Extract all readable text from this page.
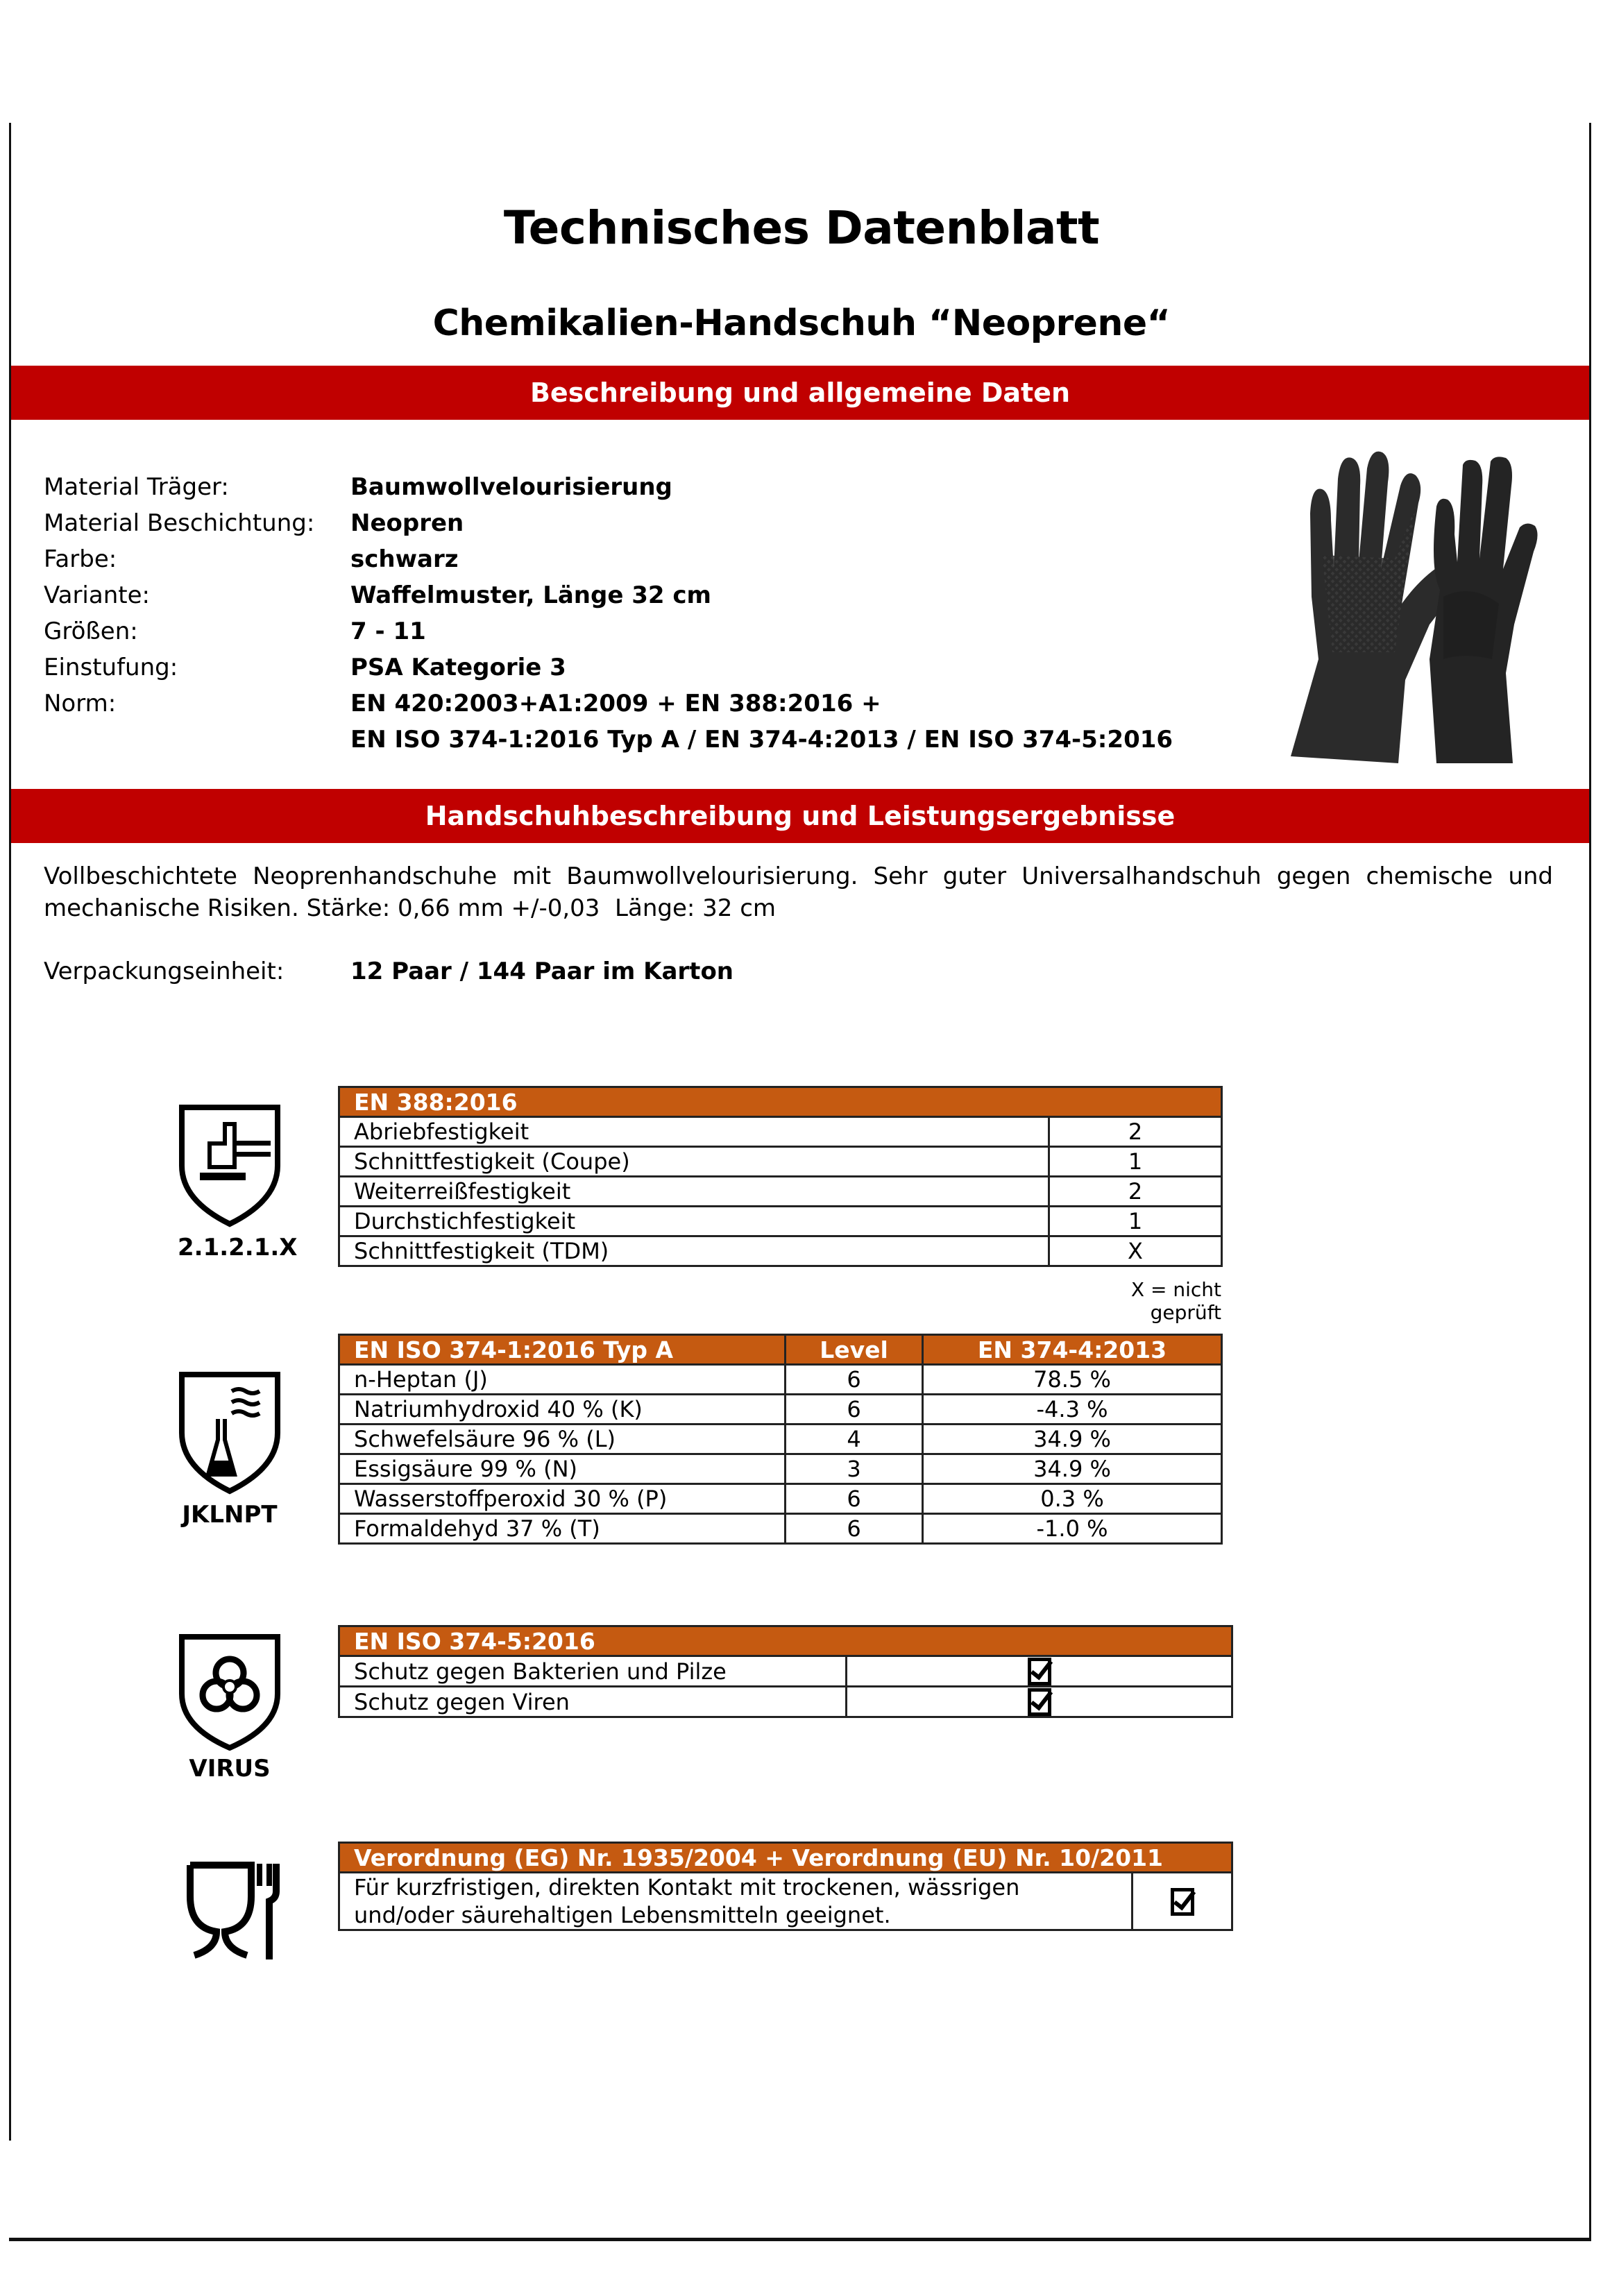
Technisches Datenblatt
Chemikalien-Handschuh “Neoprene“
Beschreibung und allgemeine Daten
Material Träger:	Baumwollvelourisierung
Material Beschichtung:	Neopren
Farbe:	schwarz
Variante:	Waffelmuster, Länge 32 cm
Größen:	7 - 11
Einstufung:	PSA Kategorie 3
Norm:	EN 420:2003+A1:2009 + EN 388:2016 +
EN ISO 374-1:2016 Typ A / EN 374-4:2013 / EN ISO 374-5:2016
Handschuhbeschreibung und Leistungsergebnisse
Vollbeschichtete Neoprenhandschuhe mit Baumwollvelourisierung. Sehr guter Universalhandschuh gegen chemische und mechanische Risiken. Stärke: 0,66 mm +/-0,03  Länge: 32 cm
Verpackungseinheit:	12 Paar / 144 Paar im Karton
2.1.2.1.X
EN 388:2016	
Abriebfestigkeit	2
Schnittfestigkeit (Coupe)	1
Weiterreißfestigkeit	2
Durchstichfestigkeit	1
Schnittfestigkeit (TDM)	X
X = nicht geprüft
JKLNPT
EN ISO 374-1:2016 Typ A	Level	EN 374-4:2013
n-Heptan (J)	6	78.5 %
Natriumhydroxid 40 % (K)	6	-4.3 %
Schwefelsäure 96 % (L)	4	34.9 %
Essigsäure 99 % (N)	3	34.9 %
Wasserstoffperoxid 30 % (P)	6	0.3 %
Formaldehyd 37 % (T)	6	-1.0 %
VIRUS
EN ISO 374-5:2016	
Schutz gegen Bakterien und Pilze	
Schutz gegen Viren	
Verordnung (EG) Nr. 1935/2004 + Verordnung (EU) Nr. 10/2011

Für kurzfristigen, direkten Kontakt mit trockenen, wässrigen
und/oder säurehaltigen Lebensmitteln geeignet.
